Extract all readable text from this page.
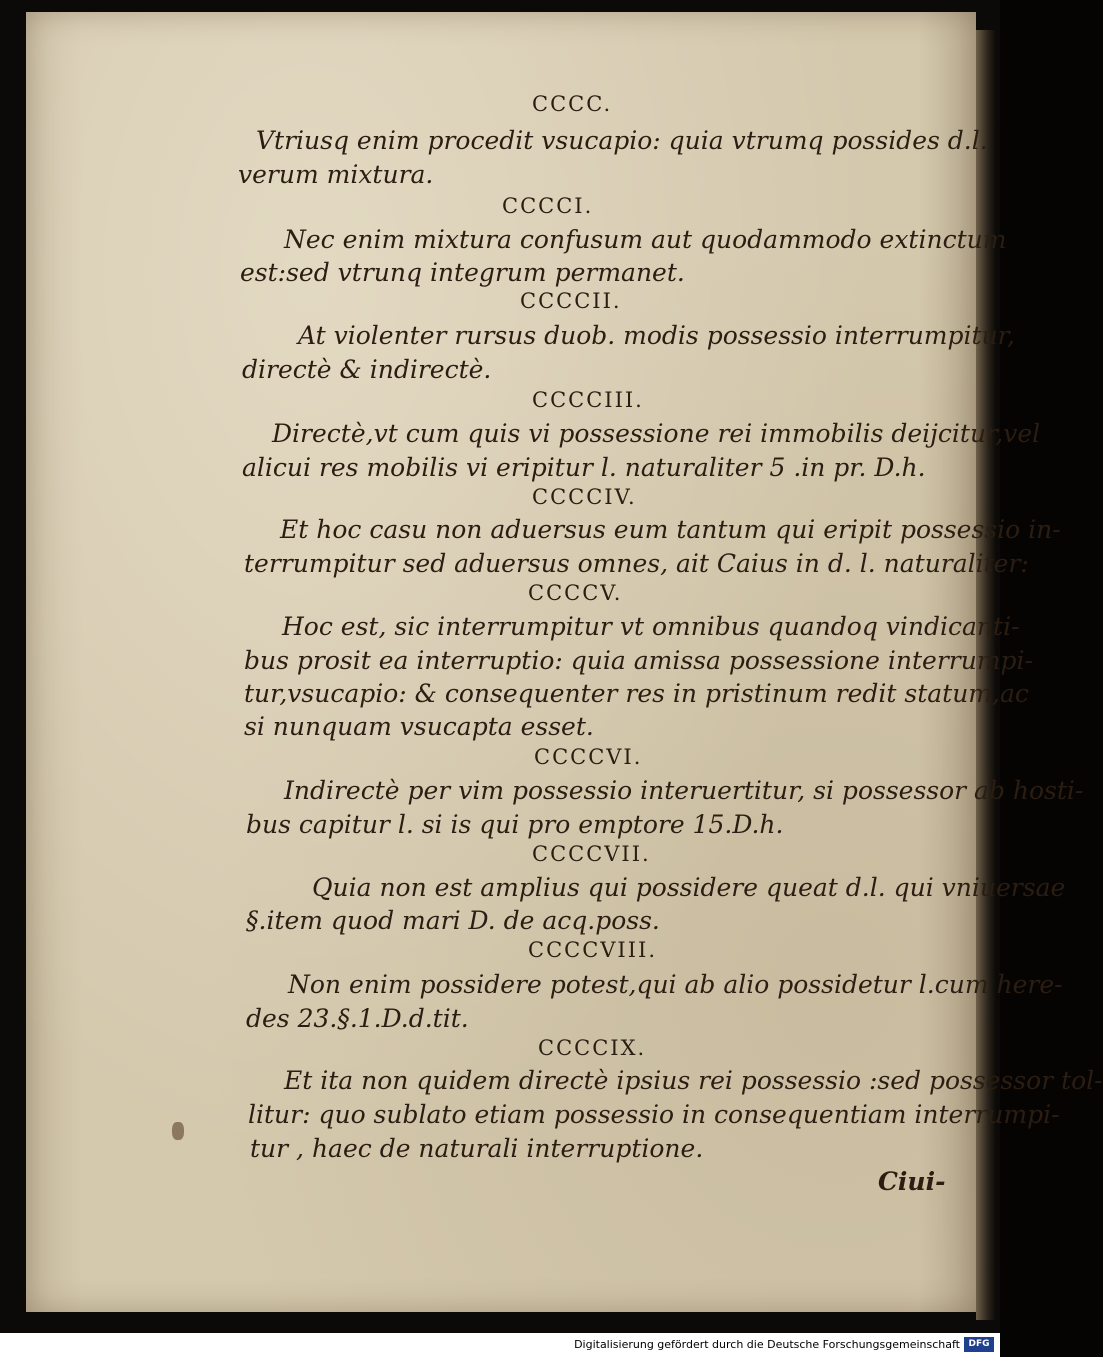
CCCC.
Vtriusq enim procedit vsucapio: quia vtrumq possides d.l.
verum mixtura.
CCCCI.
Nec enim mixtura confusum aut quodammodo extinctum
est:sed vtrunq integrum permanet.
CCCCII.
At violenter rursus duob. modis possessio interrumpitur,
directè & indirectè.
CCCCIII.
Directè,vt cum quis vi possessione rei immobilis deijcitur,vel
alicui res mobilis vi eripitur l. naturaliter 5 .in pr. D.h.
CCCCIV.
Et hoc casu non aduersus eum tantum qui eripit possessio in-
terrumpitur sed aduersus omnes, ait Caius in d. l. naturaliter:
CCCCV.
Hoc est, sic interrumpitur vt omnibus quandoq vindicanti-
bus prosit ea interruptio: quia amissa possessione interrumpi-
tur,vsucapio: & consequenter res in pristinum redit statum,ac
si nunquam vsucapta esset.
CCCCVI.
Indirectè per vim possessio interuertitur, si possessor ab hosti-
bus capitur l. si is qui pro emptore 15.D.h.
CCCCVII.
Quia non est amplius qui possidere queat d.l. qui vniuersae
§.item quod mari D. de acq.poss.
CCCCVIII.
Non enim possidere potest,qui ab alio possidetur l.cum here-
des 23.§.1.D.d.tit.
CCCCIX.
Et ita non quidem directè ipsius rei possessio :sed possessor tol-
litur: quo sublato etiam possessio in consequentiam interrumpi-
tur , haec de naturali interruptione.
Ciui-
Digitalisierung gefördert durch die Deutsche Forschungsgemeinschaft DFG
